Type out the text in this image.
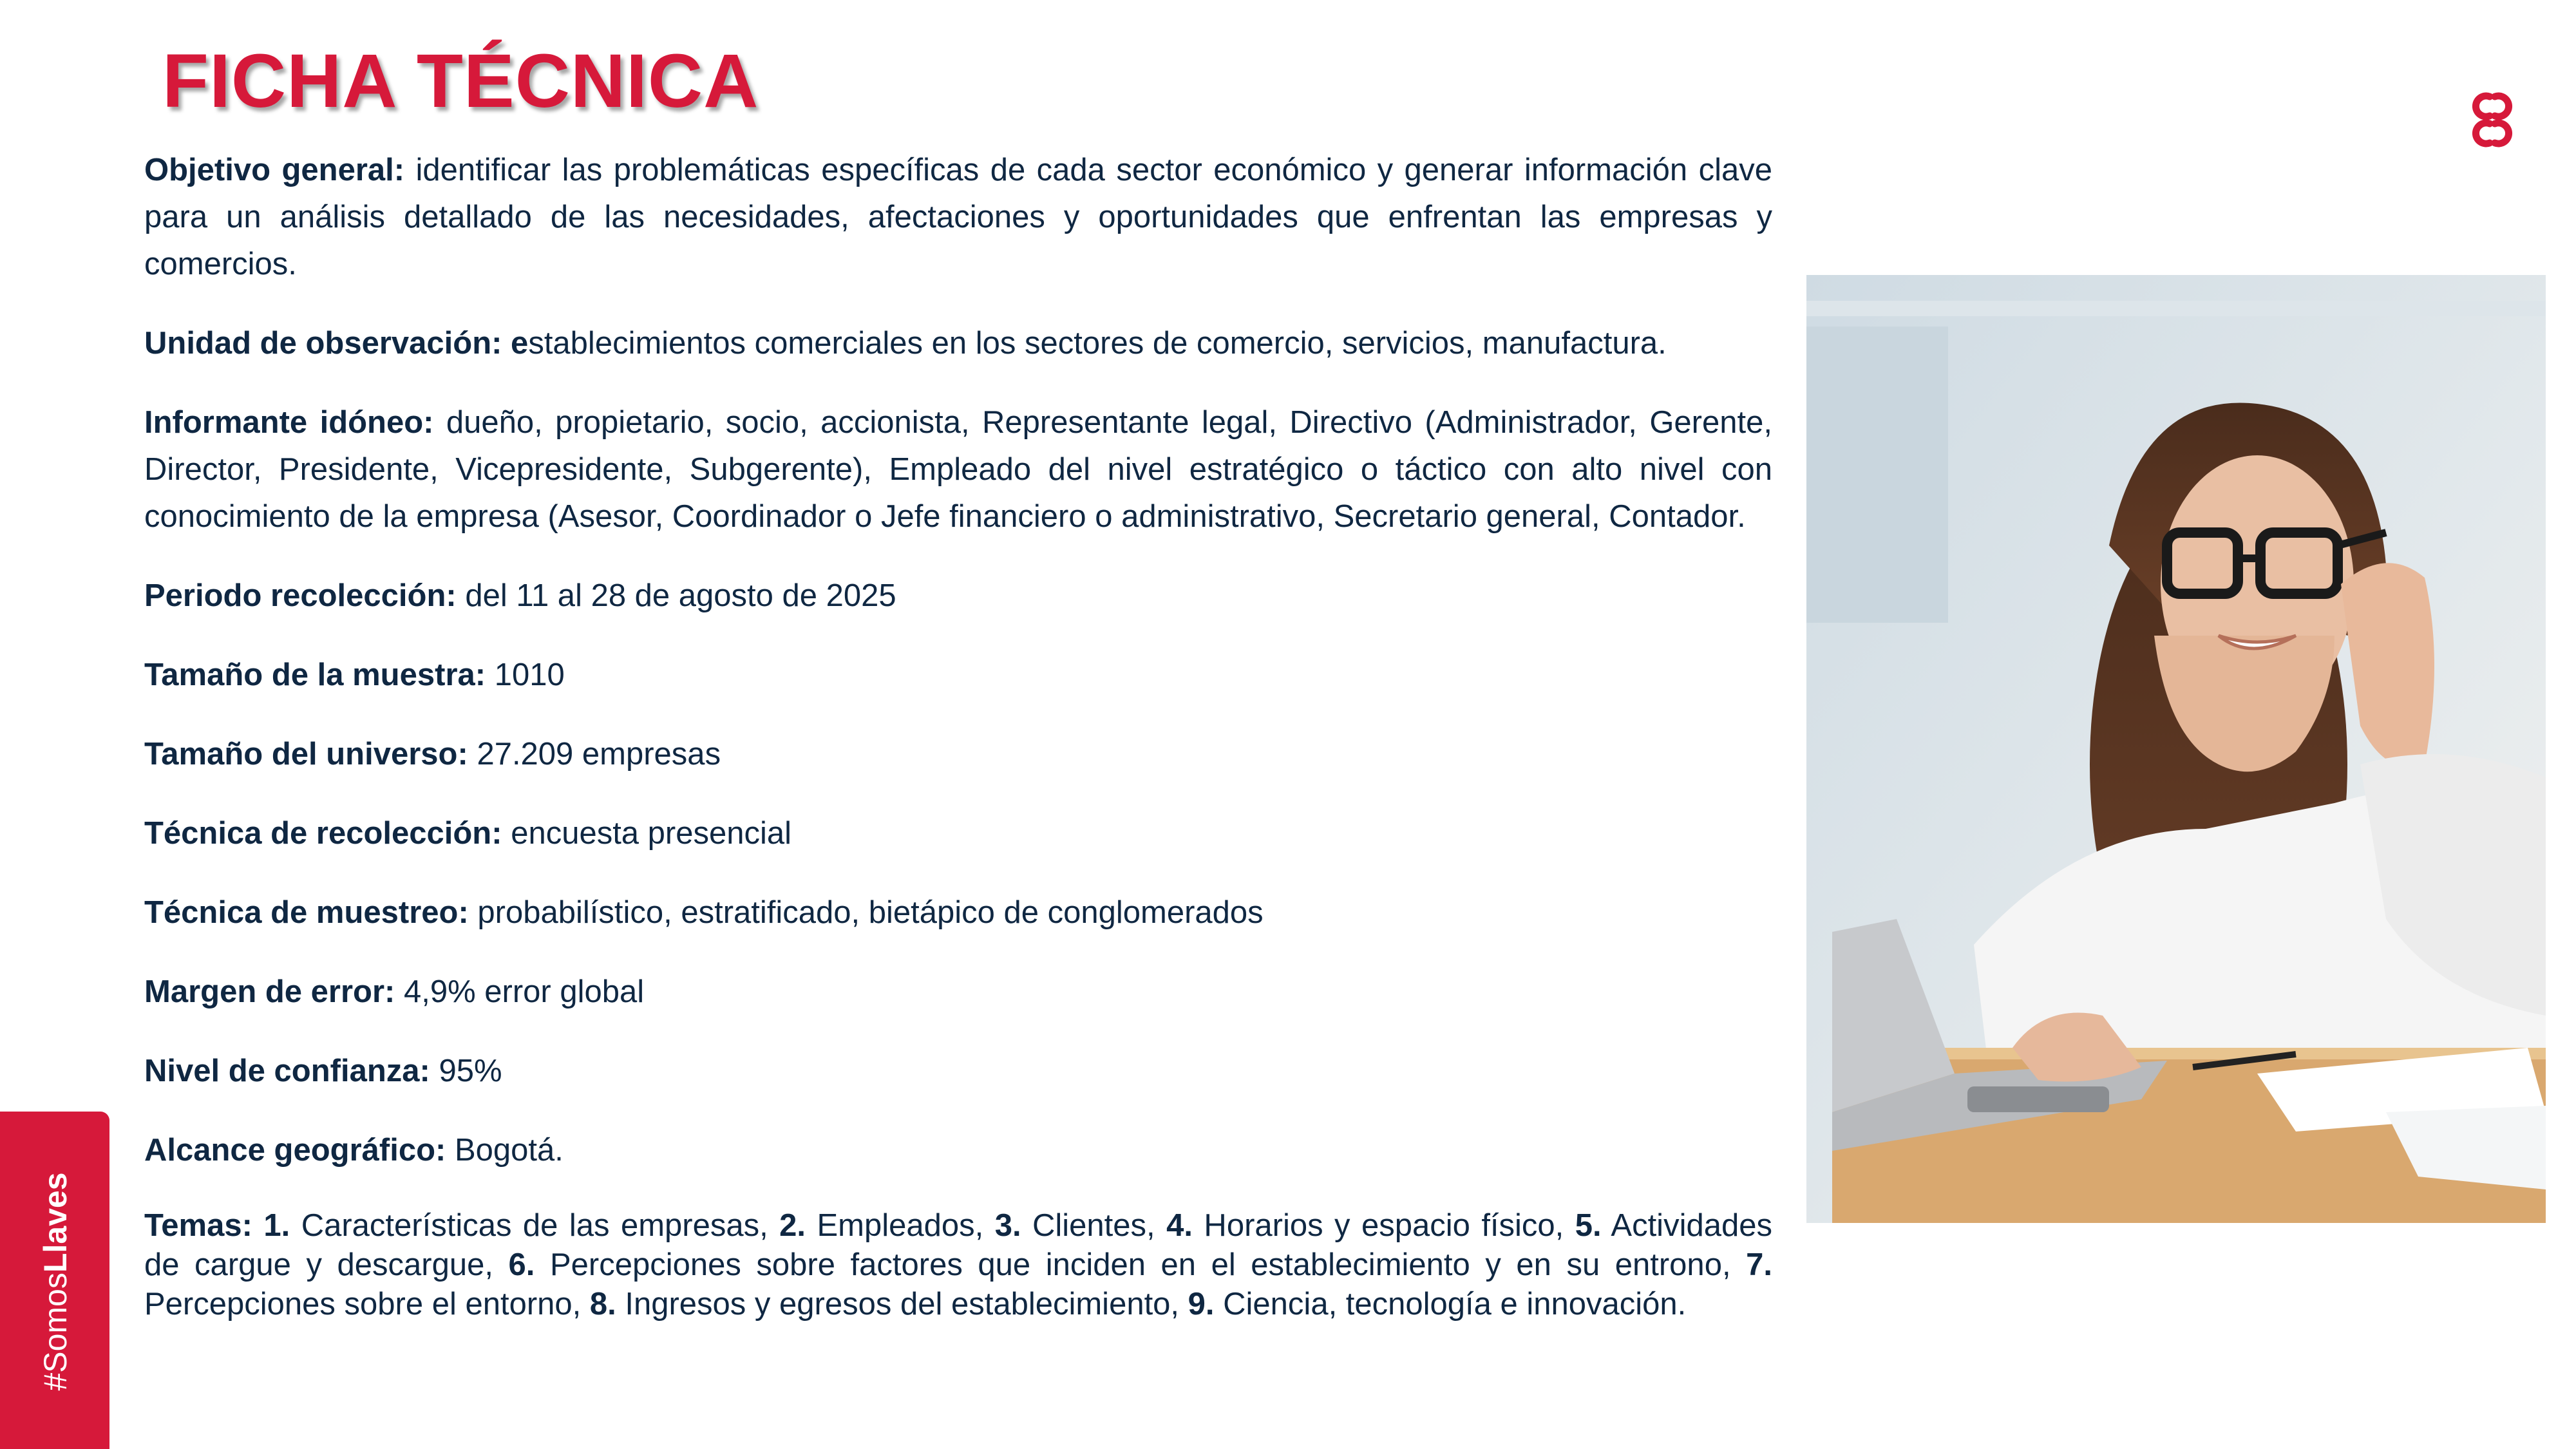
FICHA TÉCNICA

Objetivo general: identificar las problemáticas específicas de cada sector económico y generar información clave para un análisis detallado de las necesidades, afectaciones y oportunidades que enfrentan las empresas y comercios.

Unidad de observación: establecimientos comerciales en los sectores de comercio, servicios, manufactura.

Informante idóneo: dueño, propietario, socio, accionista, Representante legal, Directivo (Administrador, Gerente, Director, Presidente, Vicepresidente, Subgerente), Empleado del nivel estratégico o táctico con alto nivel con conocimiento de la empresa (Asesor, Coordinador o Jefe financiero o administrativo, Secretario general, Contador.

Periodo recolección: del 11 al 28 de agosto de 2025

Tamaño de la muestra: 1010

Tamaño del universo: 27.209 empresas

Técnica de recolección: encuesta presencial

Técnica de muestreo: probabilístico, estratificado, bietápico de conglomerados

Margen de error: 4,9% error global

Nivel de confianza: 95%

Alcance geográfico: Bogotá.

Temas: 1. Características de las empresas, 2. Empleados, 3. Clientes, 4. Horarios y espacio físico, 5. Actividades de cargue y descargue, 6. Percepciones sobre factores que inciden en el establecimiento y en su entrono, 7. Percepciones sobre el entorno, 8. Ingresos y egresos del establecimiento, 9. Ciencia, tecnología e innovación.

#SomosLlaves
